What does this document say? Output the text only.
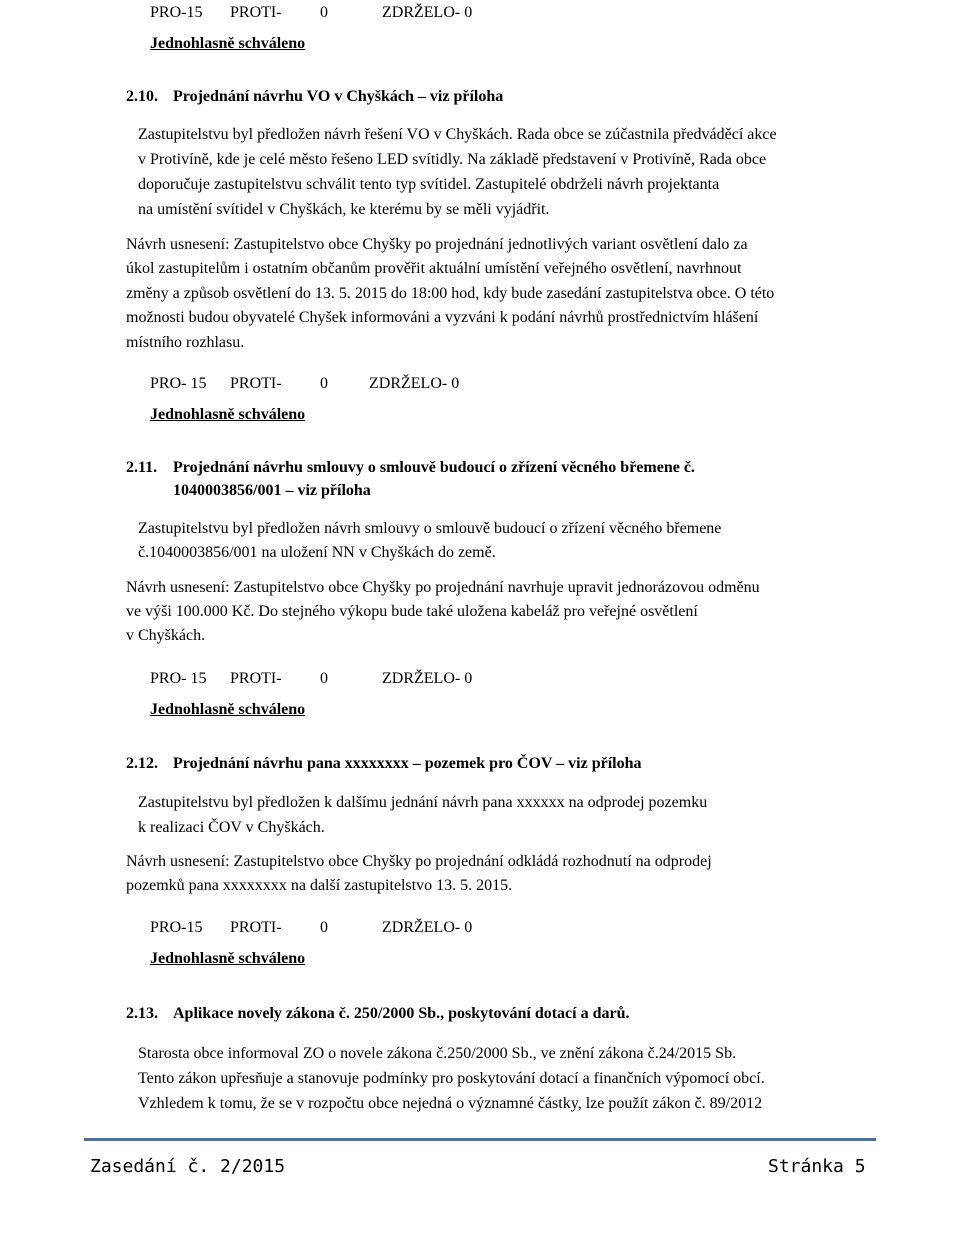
PRO-15 PROTI- 0	ZDRŽELO- 0
Jednohlasně schváleno
2.10. Projednání návrhu VO v Chyškách – viz příloha
Zastupitelstvu byl předložen návrh řešení VO v Chyškách. Rada obce se zúčastnila předváděcí akce
v Protivíně, kde je celé město řešeno LED svítidly. Na základě představení v Protivíně, Rada obce
doporučuje zastupitelstvu schválit tento typ svítidel. Zastupitelé obdrželi návrh projektanta
na umístění svítidel v Chyškách, ke kterému by se měli vyjádřit.
Návrh usnesení: Zastupitelstvo obce Chyšky po projednání jednotlivých variant osvětlení dalo za
úkol zastupitelům i ostatním občanům prověřit aktuální umístění veřejného osvětlení, navrhnout
změny a způsob osvětlení do 13. 5. 2015 do 18:00 hod, kdy bude zasedání zastupitelstva obce. O této
možnosti budou obyvatelé Chyšek informováni a vyzváni k podání návrhů prostřednictvím hlášení
místního rozhlasu.
PRO- 15 PROTI- 0	ZDRŽELO- 0
Jednohlasně schváleno
2.11. Projednání návrhu smlouvy o smlouvě budoucí o zřízení věcného břemene č.
1040003856/001 – viz příloha
Zastupitelstvu byl předložen návrh smlouvy o smlouvě budoucí o zřízení věcného břemene
č.1040003856/001 na uložení NN v Chyškách do země.
Návrh usnesení: Zastupitelstvo obce Chyšky po projednání navrhuje upravit jednorázovou odměnu
ve výši 100.000 Kč. Do stejného výkopu bude také uložena kabeláž pro veřejné osvětlení
v Chyškách.
PRO- 15 PROTI- 0	ZDRŽELO- 0
Jednohlasně schváleno
2.12. Projednání návrhu pana xxxxxxxx – pozemek pro ČOV – viz příloha
Zastupitelstvu byl předložen k dalšímu jednání návrh pana xxxxxx na odprodej pozemku
k realizaci ČOV v Chyškách.
Návrh usnesení: Zastupitelstvo obce Chyšky po projednání odkládá rozhodnutí na odprodej
pozemků pana xxxxxxxx na další zastupitelstvo 13. 5. 2015.
PRO-15 PROTI- 0	ZDRŽELO- 0
Jednohlasně schváleno
2.13. Aplikace novely zákona č. 250/2000 Sb., poskytování dotací a darů.
Starosta obce informoval ZO o novele zákona č.250/2000 Sb., ve znění zákona č.24/2015 Sb.
Tento zákon upřesňuje a stanovuje podmínky pro poskytování dotací a finančních výpomocí obcí.
Vzhledem k tomu, že se v rozpočtu obce nejedná o významné částky, lze použít zákon č. 89/2012
Zasedání č. 2/2015	Stránka 5
